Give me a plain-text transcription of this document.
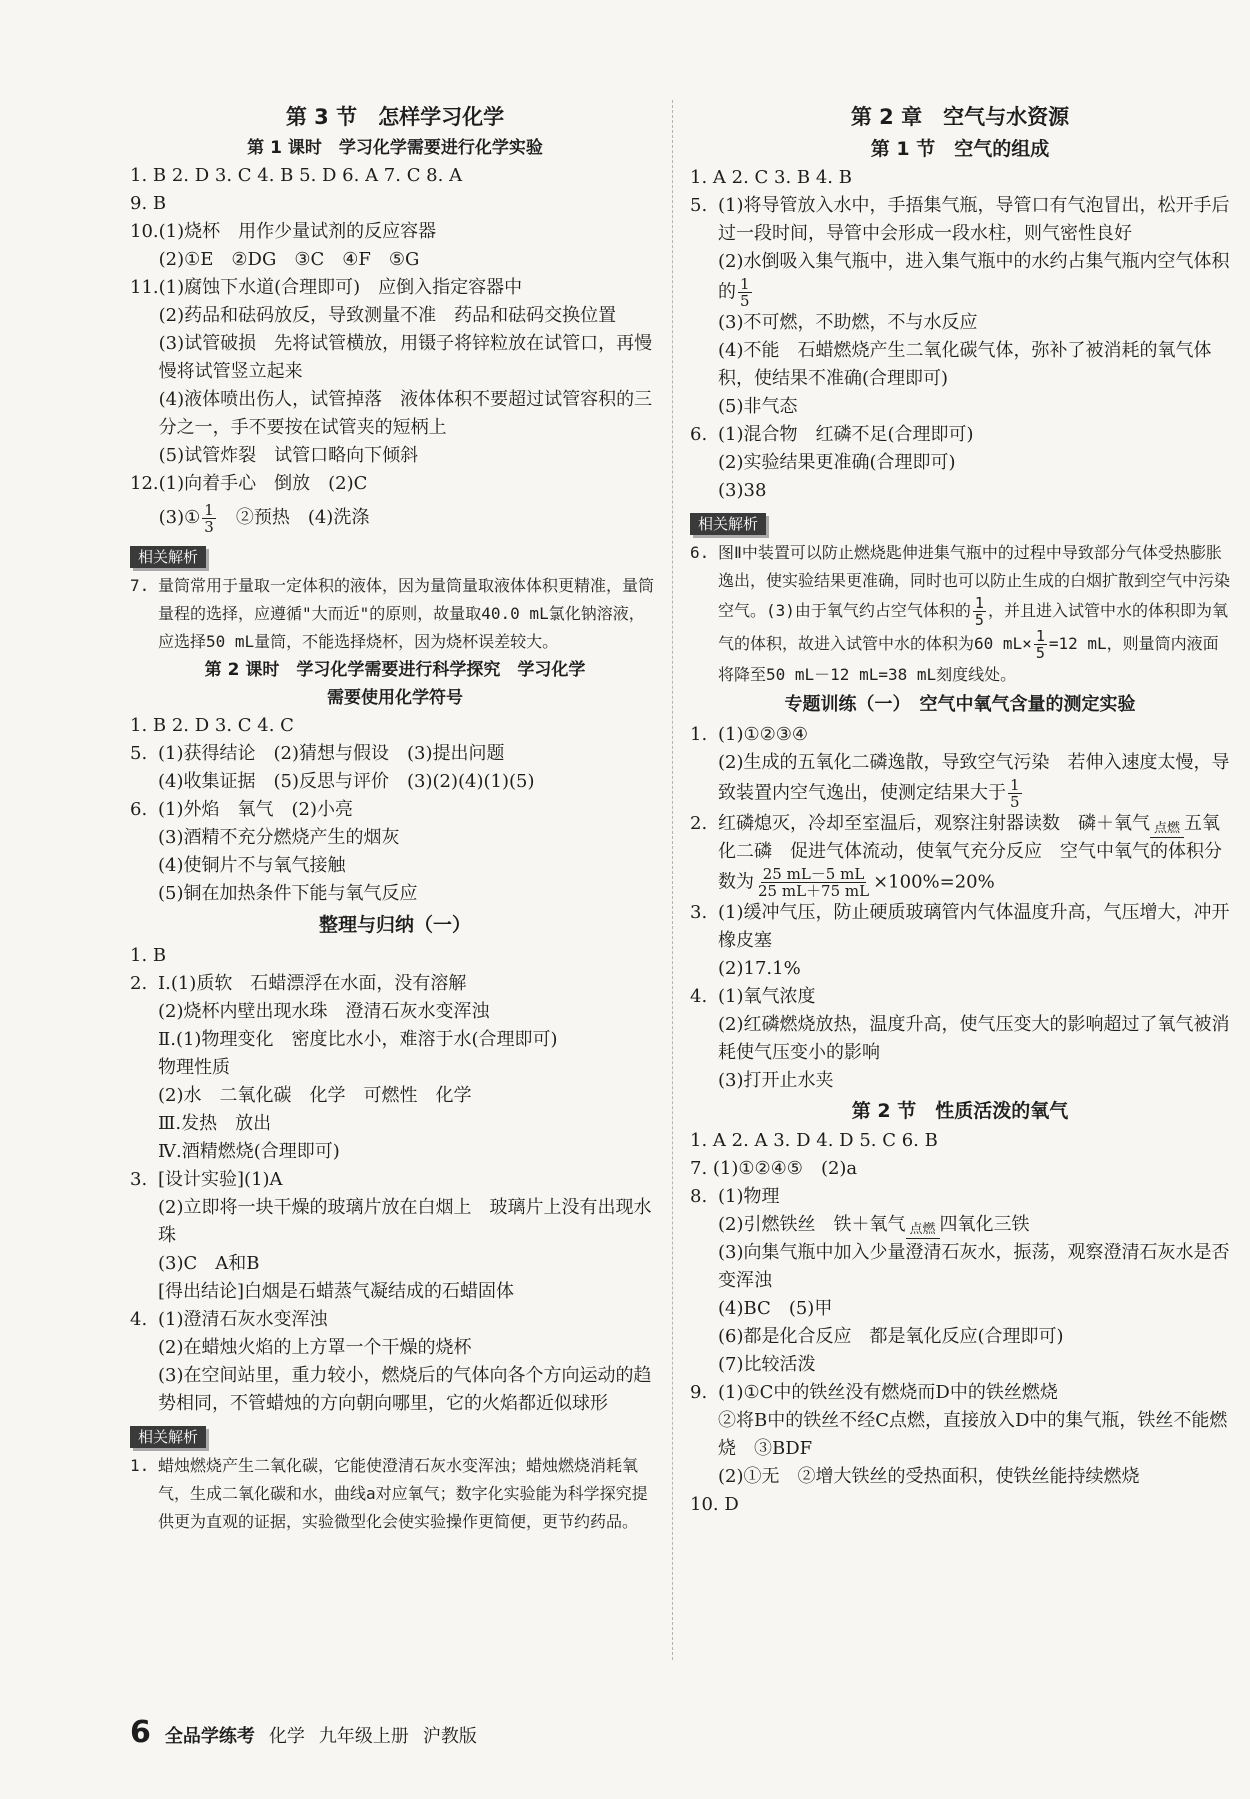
第 3 节　怎样学习化学
第 1 课时　学习化学需要进行化学实验
1. B 2. D 3. C 4. B 5. D 6. A 7. C 8. A
9. B
10. (1)烧杯　用作少量试剂的反应容器
(2)①E　②DG　③C　④F　⑤G
11. (1)腐蚀下水道(合理即可)　应倒入指定容器中
(2)药品和砝码放反，导致测量不准　药品和砝码交换位置
(3)试管破损　先将试管横放，用镊子将锌粒放在试管口，再慢慢将试管竖立起来
(4)液体喷出伤人，试管掉落　液体体积不要超过试管容积的三分之一，手不要按在试管夹的短柄上
(5)试管炸裂　试管口略向下倾斜
12. (1)向着手心　倒放　(2)C
(3)① $\frac{1}{3}$ 　②预热　(4)洗涤
相关解析
7. 量筒常用于量取一定体积的液体，因为量筒量取液体体积更精准，量筒量程的选择，应遵循"大而近"的原则，故量取40.0 mL氯化钠溶液，应选择50 mL量筒，不能选择烧杯，因为烧杯误差较大。
第 2 课时　学习化学需要进行科学探究　学习化学
需要使用化学符号
1. B 2. D 3. C 4. C
5. (1)获得结论　(2)猜想与假设　(3)提出问题
(4)收集证据　(5)反思与评价　(3)(2)(4)(1)(5)
6. (1)外焰　氧气　(2)小亮
(3)酒精不充分燃烧产生的烟灰
(4)使铜片不与氧气接触
(5)铜在加热条件下能与氧气反应
整理与归纳（一）
1. B
2. Ⅰ.(1)质软　石蜡漂浮在水面，没有溶解
(2)烧杯内壁出现水珠　澄清石灰水变浑浊
Ⅱ.(1)物理变化　密度比水小，难溶于水(合理即可)
物理性质
(2)水　二氧化碳　化学　可燃性　化学
Ⅲ.发热　放出
Ⅳ.酒精燃烧(合理即可)
3. [设计实验](1)A
(2)立即将一块干燥的玻璃片放在白烟上　玻璃片上没有出现水珠
(3)C　A和B
[得出结论]白烟是石蜡蒸气凝结成的石蜡固体
4. (1)澄清石灰水变浑浊
(2)在蜡烛火焰的上方罩一个干燥的烧杯
(3)在空间站里，重力较小，燃烧后的气体向各个方向运动的趋势相同，不管蜡烛的方向朝向哪里，它的火焰都近似球形
相关解析
1. 蜡烛燃烧产生二氧化碳，它能使澄清石灰水变浑浊；蜡烛燃烧消耗氧气，生成二氧化碳和水，曲线a对应氧气；数字化实验能为科学探究提供更为直观的证据，实验微型化会使实验操作更简便，更节约药品。
第 2 章　空气与水资源
第 1 节　空气的组成
1. A 2. C 3. B 4. B
5. (1)将导管放入水中，手捂集气瓶，导管口有气泡冒出，松开手后过一段时间，导管中会形成一段水柱，则气密性良好
(2)水倒吸入集气瓶中，进入集气瓶中的水约占集气瓶内空气体积的 $\frac{1}{5}$
(3)不可燃，不助燃，不与水反应
(4)不能　石蜡燃烧产生二氧化碳气体，弥补了被消耗的氧气体积，使结果不准确(合理即可)
(5)非气态
6. (1)混合物　红磷不足(合理即可)
(2)实验结果更准确(合理即可)
(3)38
相关解析
6. 图Ⅱ中装置可以防止燃烧匙伸进集气瓶中的过程中导致部分气体受热膨胀逸出，使实验结果更准确，同时也可以防止生成的白烟扩散到空气中污染空气。(3)由于氧气约占空气体积的 $\frac{1}{5}$ ，并且进入试管中水的体积即为氧气的体积，故进入试管中水的体积为60 $mL\times \frac{1}{5} =12$ mL，则量筒内液面将降至50 mL－12 mL=38 mL刻度线处。
专题训练（一）　空气中氧气含量的测定实验
1. (1)①②③④
(2)生成的五氧化二磷逸散，导致空气污染　若伸入速度太慢，导致装置内空气逸出，使测定结果大于 $\frac{1}{5}$
2. 红磷熄灭，冷却至室温后，观察注射器读数　磷＋氧气 点燃 五氧化二磷　促进气体流动，使氧气充分反应　空气中氧气的体积分数为 $\frac{25 mL-5 mL}{25 mL+75 mL} \times 100\%=20\%$
3. (1)缓冲气压，防止硬质玻璃管内气体温度升高，气压增大，冲开橡皮塞
(2)17.1%
4. (1)氧气浓度
(2)红磷燃烧放热，温度升高，使气压变大的影响超过了氧气被消耗使气压变小的影响
(3)打开止水夹
第 2 节　性质活泼的氧气
1. A 2. A 3. D 4. D 5. C 6. B
7. (1)①②④⑤　(2)a
8. (1)物理
(2)引燃铁丝　铁＋氧气 点燃 四氧化三铁
(3)向集气瓶中加入少量澄清石灰水，振荡，观察澄清石灰水是否变浑浊
(4)BC　(5)甲
(6)都是化合反应　都是氧化反应(合理即可)
(7)比较活泼
9. (1)①C中的铁丝没有燃烧而D中的铁丝燃烧
②将B中的铁丝不经C点燃，直接放入D中的集气瓶，铁丝不能燃烧　③BDF
(2)①无　②增大铁丝的受热面积，使铁丝能持续燃烧
10. D
6 全品学练考 化学 九年级上册 沪教版
